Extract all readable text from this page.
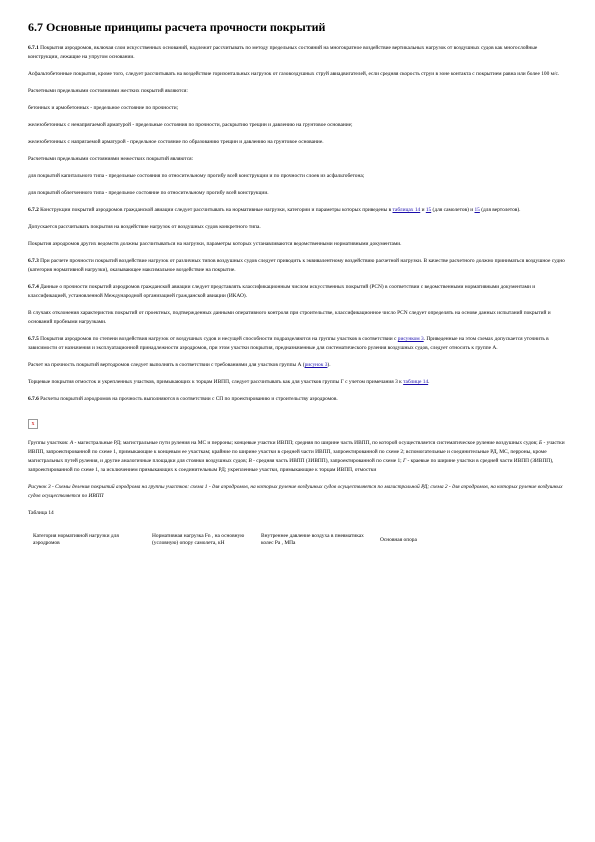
6.7 Основные принципы расчета прочности покрытий

6.7.1 Покрытия аэродромов, включая слои искусственных оснований, надлежит рассчитывать по методу предельных состояний на многократное воздействие вертикальных нагрузок от воздушных судов как многослойные конструкции, лежащие на упругом основании.

Асфальтобетонные покрытия, кроме того, следует рассчитывать на воздействие горизонтальных нагрузок от газовоздушных струй авиадвигателей, если средняя скорость струи в зоне контакта с покрытием равна или более 100 м/с.

Расчетными предельными состояниями жестких покрытий являются:

бетонных и армобетонных - предельное состояние по прочности;

железобетонных с ненапрягаемой арматурой - предельные состояния по прочности, раскрытию трещин и давлению на грунтовое основание;

железобетонных с напрягаемой арматурой - предельное состояние по образованию трещин и давлению на грунтовое основание.

Расчетными предельными состояниями нежестких покрытий являются:

для покрытий капитального типа - предельные состояния по относительному прогибу всей конструкции и по прочности слоев из асфальтобетона;

для покрытий облегченного типа - предельное состояние по относительному прогибу всей конструкции.

6.7.2 Конструкции покрытий аэродромов гражданской авиации следует рассчитывать на нормативные нагрузки, категории и параметры которых приведены в таблицах 14 и 15 (для самолетов) и 15 (для вертолетов).

Допускается рассчитывать покрытия на воздействие нагрузок от воздушных судов конкретного типа.

Покрытия аэродромов других ведомств должны рассчитываться на нагрузки, параметры которых устанавливаются ведомственными нормативными документами.

6.7.3 При расчете прочности покрытий воздействие нагрузок от различных типов воздушных судов следует приводить к эквивалентному воздействию расчетной нагрузки. В качестве расчетного должно приниматься воздушное судно (категория нормативной нагрузки), оказывающее максимальное воздействие на покрытие.

6.7.4 Данные о прочности покрытий аэродромов гражданской авиации следует представлять классификационным числом искусственных покрытий (PCN) в соответствии с ведомственными нормативными документами и классификацией, установленной Международной организацией гражданской авиации (ИКАО).

В случаях отклонения характеристик покрытий от проектных, подтвержденных данными оперативного контроля при строительстве, классификационное число PCN следует определять на основе данных испытаний покрытий и оснований пробными нагрузками.

6.7.5 Покрытия аэродромов по степени воздействия нагрузок от воздушных судов и несущей способности подразделяются на группы участков в соответствии с рисунком 3. Приведенные на этом схемах допускается уточнить в зависимости от назначения и эксплуатационной принадлежности аэродромов, при этом участки покрытия, предназначенные для систематического руления воздушных судов, следует относить к группе А.

Расчет на прочность покрытий вертодромов следует выполнять в соответствии с требованиями для участков группы А (рисунок 3).

Торцевые покрытия отмосток и укрепленных участков, примыкающих к торцам ИВПП, следует рассчитывать как для участков группы Г с учетом примечания 3 к таблице 14.

6.7.6 Расчеты покрытий аэродромов на прочность выполняются в соответствии с СП по проектированию и строительству аэродромов.

x

Группы участков: А - магистральные РД; магистральные пути руления на МС и перроны; концевые участки ИВПП; средняя по ширине часть ИВПП, по которой осуществляется систематическое руление воздушных судов; Б - участки ИВПП, запроектированной по схеме 1, примыкающие к концевым ее участкам; крайние по ширине участки в средней части ИВПП, запроектированной по схеме 2; вспомогательные и соединительные РД, МС, перроны, кроме магистральных путей руления, и другие аналогичные площадки для стоянки воздушных судов; В - средняя часть ИВПП (ЗИВПП), запроектированной по схеме 1; Г - краевые по ширине участки в средней части ИВПП (ЗИВПП), запроектированной по схеме 1, за исключением примыкающих к соединительным РД; укрепленные участки, примыкающие к торцам ИВПП, отмостки

Рисунок 3 - Схемы деления покрытий аэродрома на группы участков: схема 1 - для аэродромов, на которых руление воздушных судов осуществляется по магистральной РД; схема 2 - для аэродромов, на которых руление воздушных судов осуществляется по ИВПП

Таблица 14

Категория нормативной нагрузки для аэродромов	Нормативная нагрузка Fn , на основную (условную) опору самолета, кН	Внутреннее давление воздуха в пневматиках колес Pa , МПа	Основная опора
